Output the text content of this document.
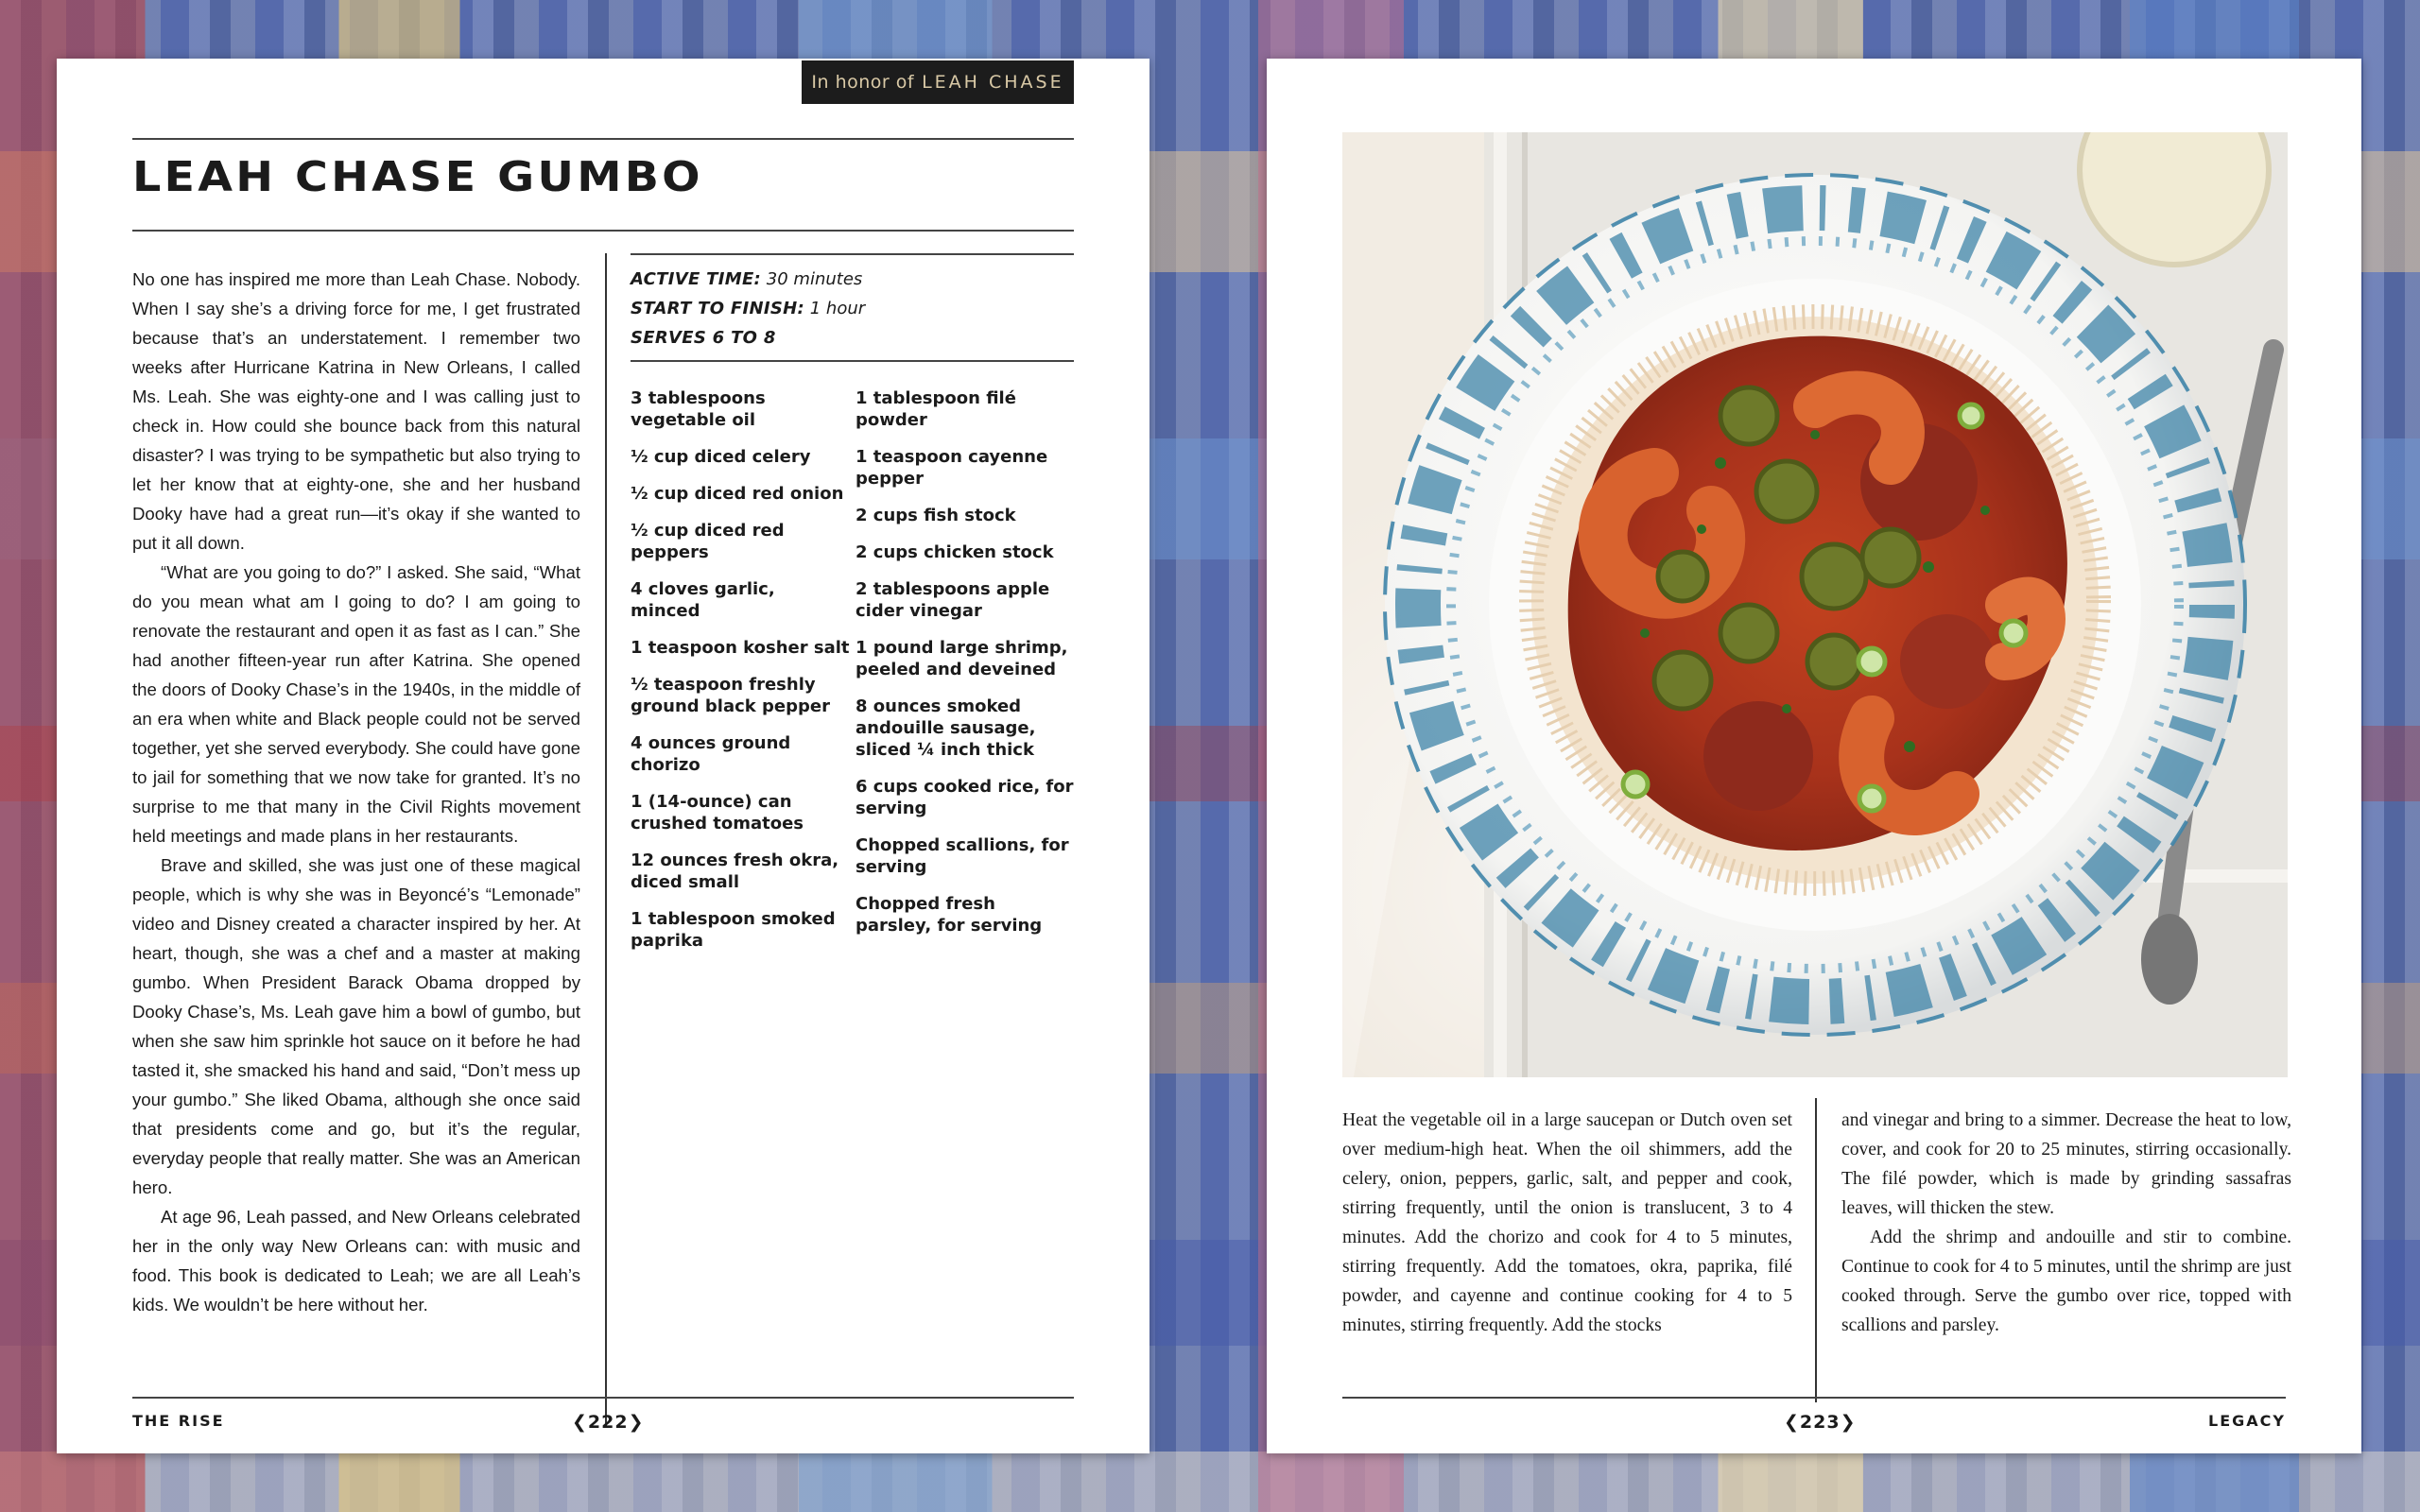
In honor of LEAH CHASE
LEAH CHASE GUMBO

No one has inspired me more than Leah Chase. Nobody. When I say she’s a driving force for me, I get frustrated because that’s an understatement. I remember two weeks after Hurricane Katrina in New Orleans, I called Ms. Leah. She was eighty-one and I was calling just to check in. How could she bounce back from this natural disaster? I was trying to be sympathetic but also trying to let her know that at eighty-one, she and her husband Dooky have had a great run—it’s okay if she wanted to put it all down.

“What are you going to do?” I asked. She said, “What do you mean what am I going to do? I am going to renovate the restaurant and open it as fast as I can.” She had another fifteen-year run after Katrina. She opened the doors of Dooky Chase’s in the 1940s, in the middle of an era when white and Black people could not be served together, yet she served everybody. She could have gone to jail for something that we now take for granted. It’s no surprise to me that many in the Civil Rights movement held meetings and made plans in her restaurants.

Brave and skilled, she was just one of these magical people, which is why she was in Beyoncé’s “Lemonade” video and Disney created a character inspired by her. At heart, though, she was a chef and a master at making gumbo. When President Barack Obama dropped by Dooky Chase’s, Ms. Leah gave him a bowl of gumbo, but when she saw him sprinkle hot sauce on it before he had tasted it, she smacked his hand and said, “Don’t mess up your gumbo.” She liked Obama, although she once said that presidents come and go, but it’s the regular, everyday people that really matter. She was an American hero.

At age 96, Leah passed, and New Orleans celebrated her in the only way New Orleans can: with music and food. This book is dedicated to Leah; we are all Leah’s kids. We wouldn’t be here without her.

ACTIVE TIME: 30 minutes
START TO FINISH: 1 hour
SERVES 6 TO 8
3 tablespoons vegetable oil
½ cup diced celery
½ cup diced red onion
½ cup diced red peppers
4 cloves garlic, minced
1 teaspoon kosher salt
½ teaspoon freshly ground black pepper
4 ounces ground chorizo
1 (14-ounce) can crushed tomatoes
12 ounces fresh okra, diced small
1 tablespoon smoked paprika
1 tablespoon filé powder
1 teaspoon cayenne pepper
2 cups fish stock
2 cups chicken stock
2 tablespoons apple cider vinegar
1 pound large shrimp, peeled and deveined
8 ounces smoked andouille sausage, sliced ¼ inch thick
6 cups cooked rice, for serving
Chopped scallions, for serving
Chopped fresh parsley, for serving
THE RISE	❮222❯

Heat the vegetable oil in a large saucepan or Dutch oven set over medium-high heat. When the oil shimmers, add the celery, onion, peppers, garlic, salt, and pepper and cook, stirring frequently, until the onion is translucent, 3 to 4 minutes. Add the chorizo and cook for 4 to 5 minutes, stirring frequently. Add the tomatoes, okra, paprika, filé powder, and cayenne and continue cooking for 4 to 5 minutes, stirring frequently. Add the stocks

and vinegar and bring to a simmer. Decrease the heat to low, cover, and cook for 20 to 25 minutes, stirring occasionally. The filé powder, which is made by grinding sassafras leaves, will thicken the stew.

Add the shrimp and andouille and stir to combine. Continue to cook for 4 to 5 minutes, until the shrimp are just cooked through. Serve the gumbo over rice, topped with scallions and parsley.

❮223❯	LEGACY
